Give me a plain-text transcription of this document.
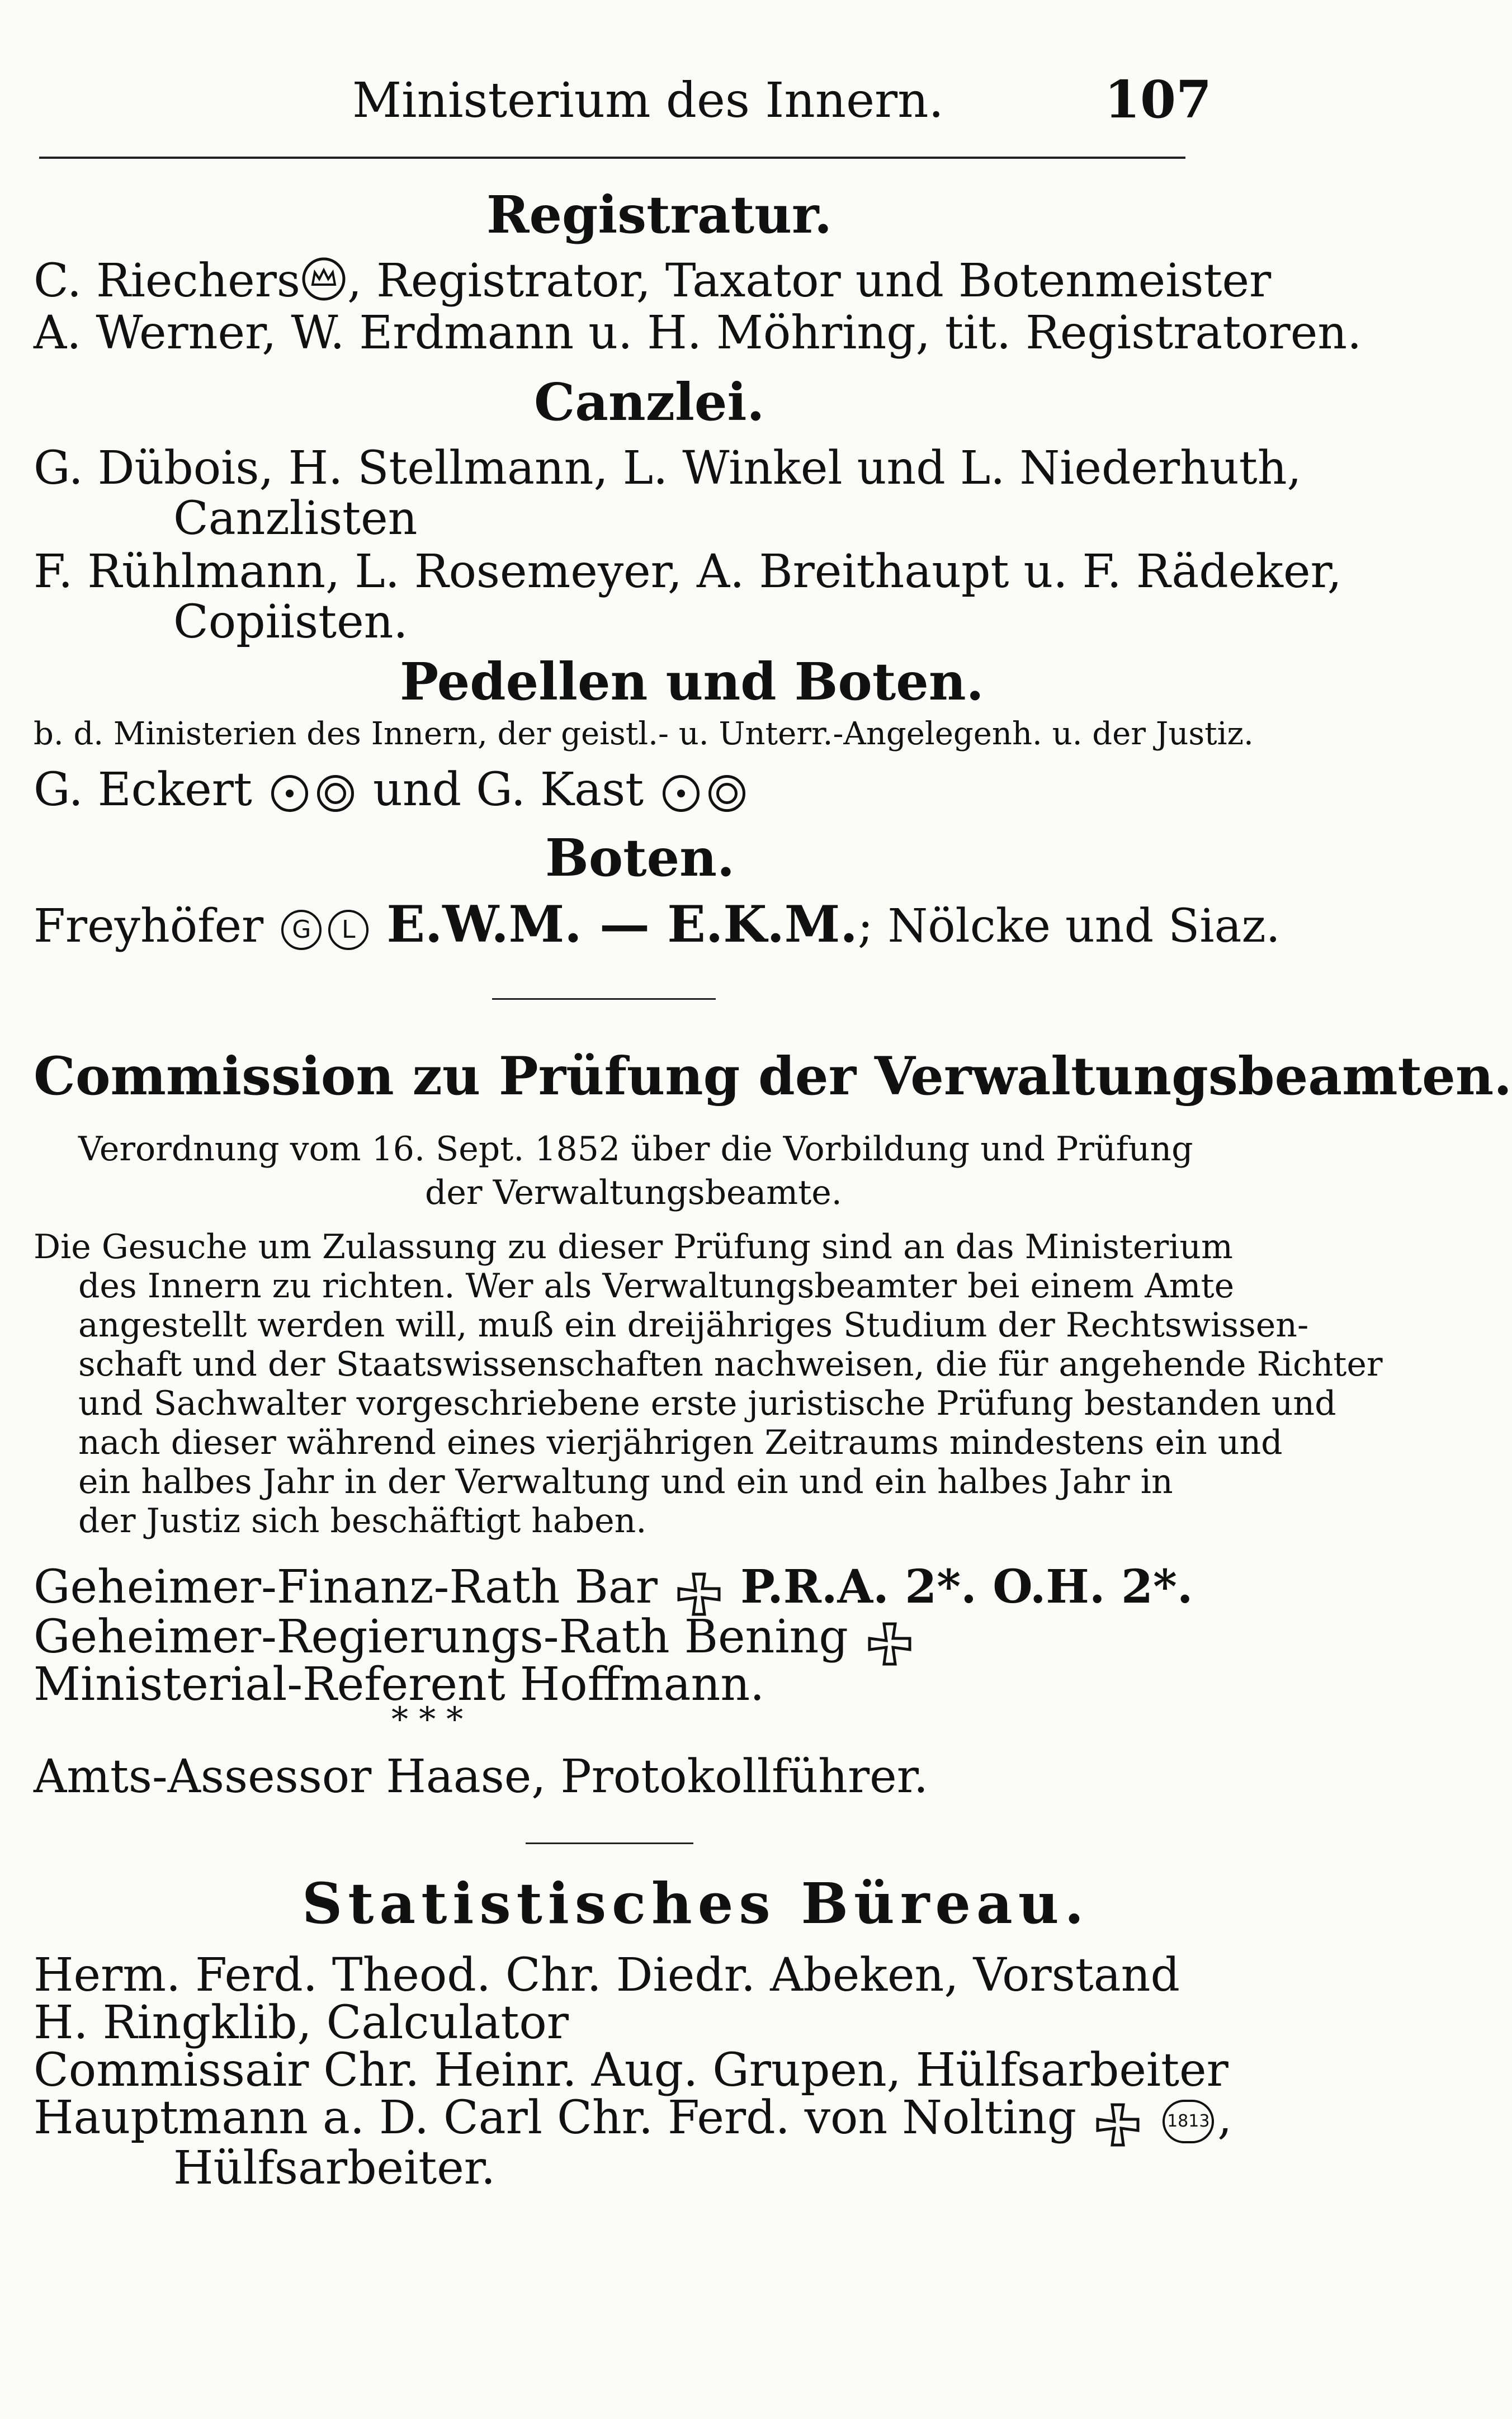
Ministerium des Innern.	107
Registratur.
C. Riechers , Registrator, Taxator und Botenmeister
A. Werner, W. Erdmann u. H. Möhring, tit. Registratoren.
Canzlei.
G. Dübois, H. Stellmann, L. Winkel und L. Niederhuth,
Canzlisten
F. Rühlmann, L. Rosemeyer, A. Breithaupt u. F. Rädeker,
Copiisten.
Pedellen und Boten.
b. d. Ministerien des Innern, der geistl.- u. Unterr.-Angelegenh. u. der Justiz.
G. Eckert	und G. Kast
Boten.
Freyhöfer G L E.W.M. — E.K.M.; Nölcke und Siaz.
Commission zu Prüfung der Verwaltungsbeamten.
Verordnung vom 16. Sept. 1852 über die Vorbildung und Prüfung
der Verwaltungsbeamte.
Die Gesuche um Zulassung zu dieser Prüfung sind an das Ministerium
des Innern zu richten. Wer als Verwaltungsbeamter bei einem Amte
angestellt werden will, muß ein dreijähriges Studium der Rechtswissen-
schaft und der Staatswissenschaften nachweisen, die für angehende Richter
und Sachwalter vorgeschriebene erste juristische Prüfung bestanden und
nach dieser während eines vierjährigen Zeitraums mindestens ein und
ein halbes Jahr in der Verwaltung und ein und ein halbes Jahr in
der Justiz sich beschäftigt haben.
Geheimer-Finanz-Rath Bar P.R.A. 2*. O.H. 2*.
Geheimer-Regierungs-Rath Bening
Ministerial-Referent Hoffmann.
* * *
Amts-Assessor Haase, Protokollführer.
Statistisches Büreau.
Herm. Ferd. Theod. Chr. Diedr. Abeken, Vorstand
H. Ringklib, Calculator
Commissair Chr. Heinr. Aug. Grupen, Hülfsarbeiter
Hauptmann a. D. Carl Chr. Ferd. von Nolting	1813 ,
Hülfsarbeiter.
